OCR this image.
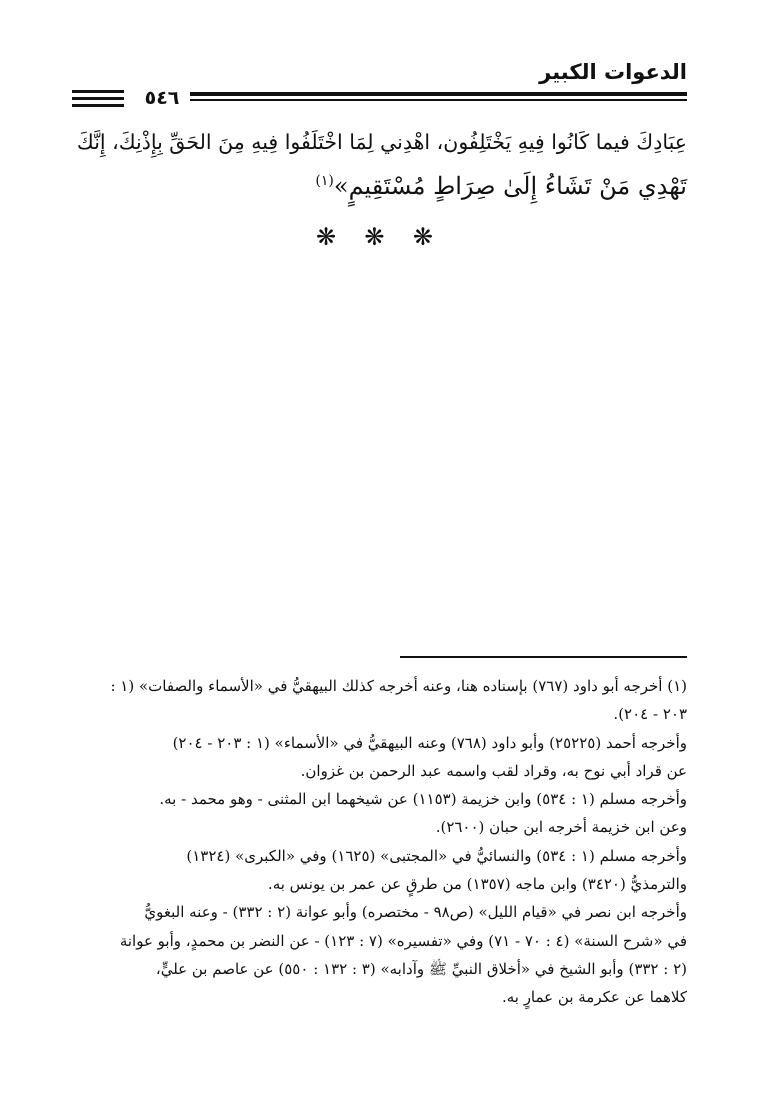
الدعوات الكبير
٥٤٦
عِبَادِكَ فيما كَانُوا فِيهِ يَخْتَلِفُون، اهْدِني لِمَا اخْتَلَفُوا فِيهِ مِنَ الحَقِّ بِإِذْنِكَ، إِنَّكَ
تَهْدِي مَنْ تَشَاءُ إِلَىٰ صِرَاطٍ مُسْتَقِيمٍ»$^{(١)}$
❋ ❋ ❋
(١) أخرجه أبو داود (٧٦٧) بإسناده هنا، وعنه أخرجه كذلك البيهقيُّ في «الأسماء والصفات» (١ :
٢٠٣ - ٢٠٤).
وأخرجه أحمد (٢٥٢٢٥) وأبو داود (٧٦٨) وعنه البيهقيُّ في «الأسماء» (١ : ٢٠٣ - ٢٠٤)
عن قراد أبي نوح به، وقراد لقب واسمه عبد الرحمن بن غزوان.
وأخرجه مسلم (١ : ٥٣٤) وابن خزيمة (١١٥٣) عن شيخهما ابن المثنى - وهو محمد - به.
وعن ابن خزيمة أخرجه ابن حبان (٢٦٠٠).
وأخرجه مسلم (١ : ٥٣٤) والنسائيُّ في «المجتبى» (١٦٢٥) وفي «الكبرى» (١٣٢٤)
والترمذيُّ (٣٤٢٠) وابن ماجه (١٣٥٧) من طرقٍ عن عمر بن يونس به.
وأخرجه ابن نصر في «قيام الليل» (ص٩٨ - مختصره) وأبو عوانة (٢ : ٣٣٢) - وعنه البغويُّ
في «شرح السنة» (٤ : ٧٠ - ٧١) وفي «تفسيره» (٧ : ١٢٣) - عن النضر بن محمدٍ، وأبو عوانة
(٢ : ٣٣٢) وأبو الشيخ في «أخلاق النبيِّ ﷺ وآدابه» (٣ : ١٣٢ : ٥٥٠) عن عاصم بن عليٍّ،
كلاهما عن عكرمة بن عمارٍ به.
